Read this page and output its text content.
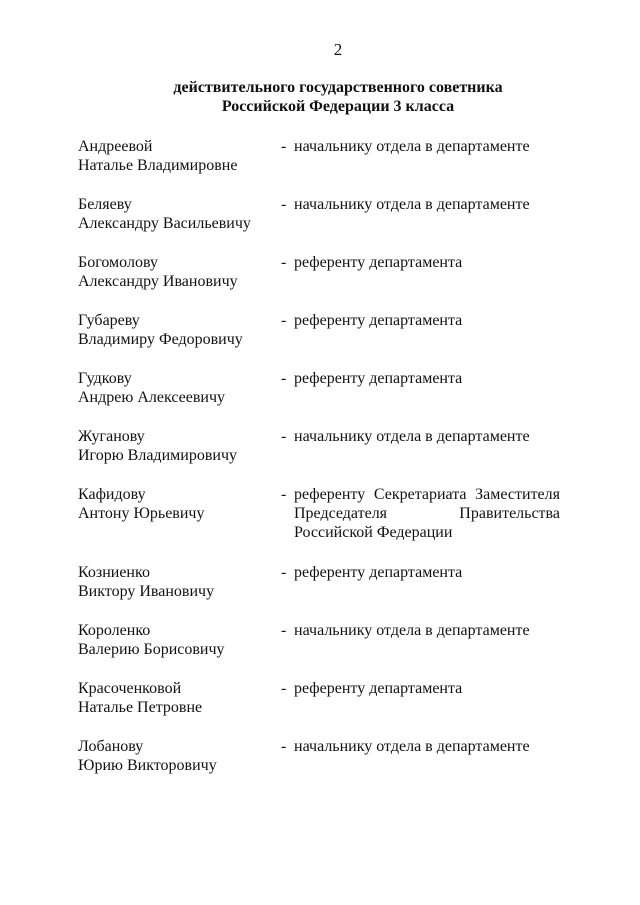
2
действительного государственного советника
Российской Федерации 3 класса
Андреевой
Наталье Владимировне
- начальнику отдела в департаменте
Беляеву
Александру Васильевичу
- начальнику отдела в департаменте
Богомолову
Александру Ивановичу
- референту департамента
Губареву
Владимиру Федоровичу
- референту департамента
Гудкову
Андрею Алексеевичу
- референту департамента
Жуганову
Игорю Владимировичу
- начальнику отдела в департаменте
Кафидову
Антону Юрьевичу
- референту Секретариата Заместителя
Председателя Правительства
Российской Федерации
Козниенко
Виктору Ивановичу
- референту департамента
Короленко
Валерию Борисовичу
- начальнику отдела в департаменте
Красоченковой
Наталье Петровне
- референту департамента
Лобанову
Юрию Викторовичу
- начальнику отдела в департаменте
